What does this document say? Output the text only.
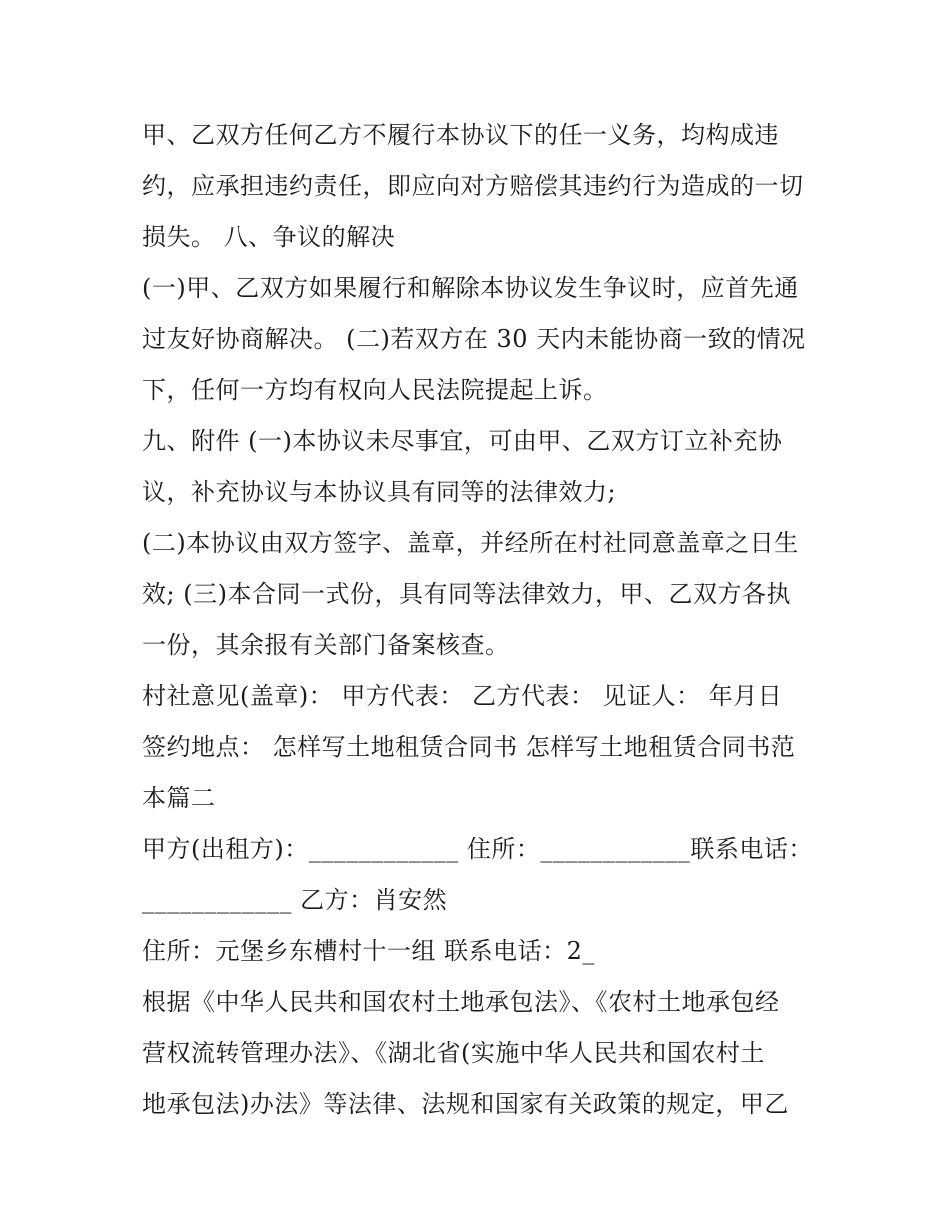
甲、乙双方任何乙方不履行本协议下的任一义务，均构成违
约，应承担违约责任，即应向对方赔偿其违约行为造成的一切
损失。 八、争议的解决
(一)甲、乙双方如果履行和解除本协议发生争议时，应首先通
过友好协商解决。 (二)若双方在 30 天内未能协商一致的情况
下，任何一方均有权向人民法院提起上诉。
九、附件 (一)本协议未尽事宜，可由甲、乙双方订立补充协
议，补充协议与本协议具有同等的法律效力;
(二)本协议由双方签字、盖章，并经所在村社同意盖章之日生
效; (三)本合同一式份，具有同等法律效力，甲、乙双方各执
一份，其余报有关部门备案核查。
村社意见(盖章)： 甲方代表： 乙方代表： 见证人： 年月日
签约地点： 怎样写土地租赁合同书 怎样写土地租赁合同书范
本篇二
甲方(出租方)：____________ 住所：____________联系电话：
____________ 乙方：肖安然
住所：元堡乡东槽村十一组 联系电话：2_
根据《中华人民共和国农村土地承包法》、《农村土地承包经
营权流转管理办法》、《湖北省(实施中华人民共和国农村土
地承包法)办法》等法律、法规和国家有关政策的规定，甲乙
